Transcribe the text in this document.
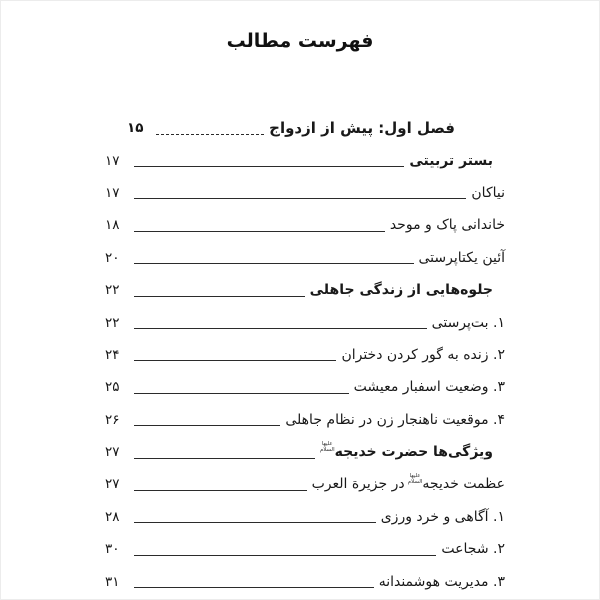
فهرست مطالب
فصل اول: پیش از ازدواج
۱۵
بستر تربیتی
۱۷
نیاکان
۱۷
خاندانی پاک و موحد
۱۸
آئین یکتاپرستی
۲۰
جلوه‌هایی از زندگی جاهلی
۲۲
۱. بت‌پرستی
۲۲
۲. زنده به گور کردن دختران
۲۴
۳. وضعیت اسفبار معیشت
۲۵
۴. موقعیت ناهنجار زن در نظام جاهلی
۲۶
ویژگی‌ها حضرت خدیجه
علیها
السلام
۲۷
عظمت خدیجه
علیها
السلام
در جزیرة العرب
۲۷
۱. آگاهی و خرد ورزی
۲۸
۲. شجاعت
۳۰
۳. مدیریت هوشمندانه
۳۱
